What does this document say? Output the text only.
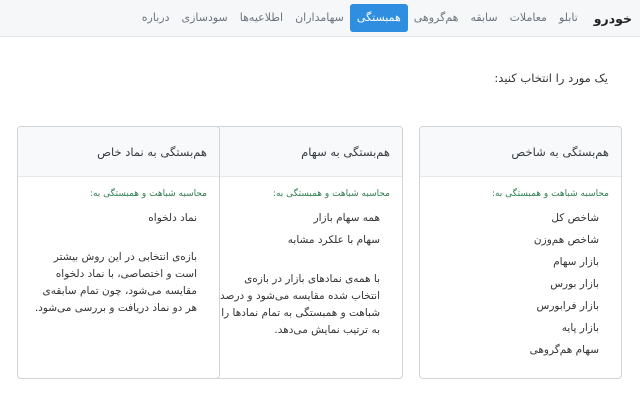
خودرو
تابلو
معاملات
سابقه
هم‌گروهی
همبستگی
سهامداران
اطلاعیه‌ها
سودسازی
درباره
یک مورد را انتخاب کنید:
هم‌بستگی به شاخص
محاسبه شباهت و همبستگی به:
شاخص کل
شاخص هم‌وزن
بازار سهام
بازار بورس
بازار فرابورس
بازار پایه
سهام هم‌گروهی
هم‌بستگی به سهام
محاسبه شباهت و همبستگی به:
همه سهام بازار
سهام با علکرد مشابه

با همه‌ی نمادهای بازار در بازه‌ی انتخاب شده مقایسه می‌شود و درصد شباهت و همبستگی به تمام نمادها را به ترتیب نمایش می‌دهد.

هم‌بستگی به نماد خاص
محاسبه شباهت و همبستگی به:
نماد دلخواه

بازه‌ی انتخابی در این روش بیشتر است و اختصاصی، با نماد دلخواه مقایسه می‌شود، چون تمام سابقه‌ی هر دو نماد دریافت و بررسی می‌شود.
